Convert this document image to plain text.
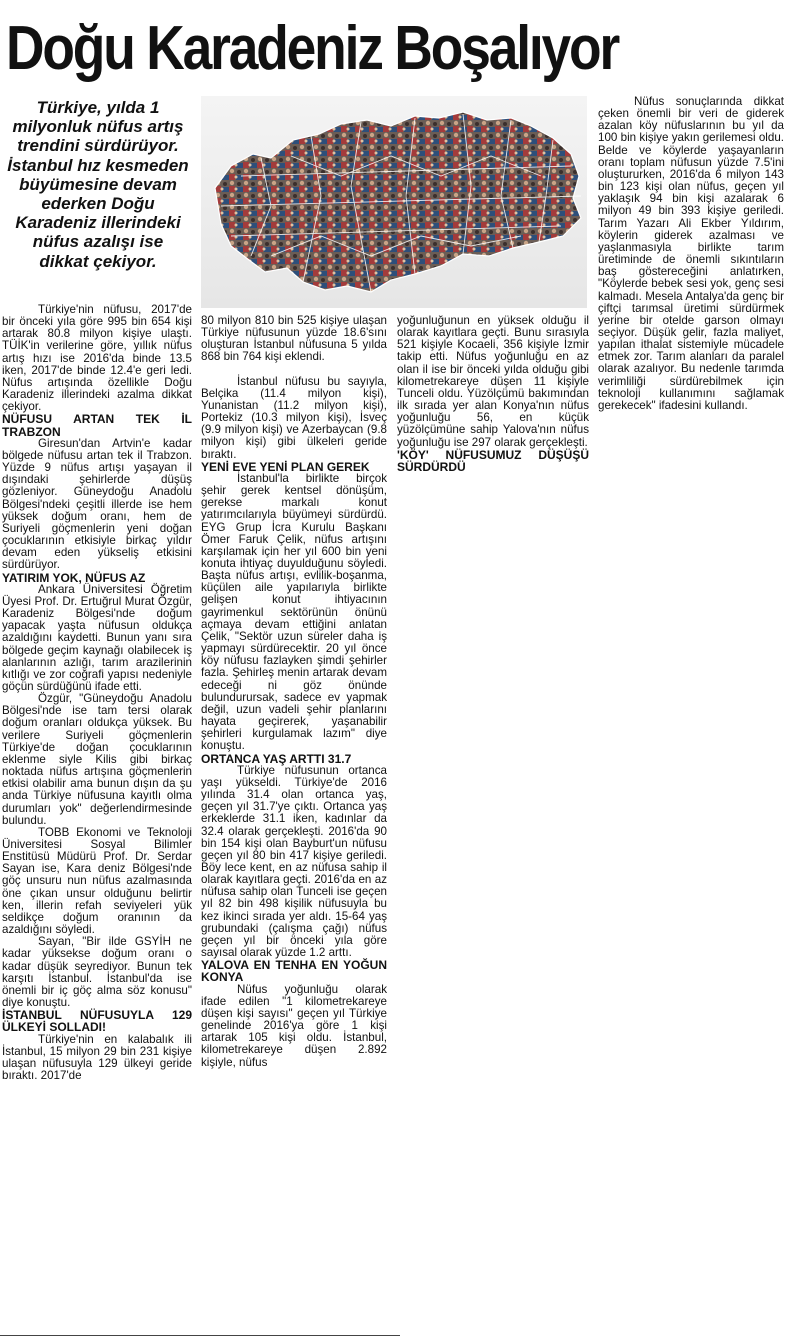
Doğu Karadeniz Boşalıyor
Türkiye, yılda 1 milyonluk nüfus artış trendini sürdürüyor. İstanbul hız kesmeden büyümesine devam ederken Doğu Karadeniz illerindeki nüfus azalışı ise dikkat çekiyor.

Türkiye'nin nüfusu, 2017'de bir önceki yıla göre 995 bin 654 kişi artarak 80.8 milyon kişiye ulaştı. TÜİK'in verilerine göre, yıllık nüfus artış hızı ise 2016'da binde 13.5 iken, 2017'de binde 12.4'e geri ledi. Nüfus artışında özellikle Doğu Karadeniz illerindeki azalma dikkat çekiyor.

NÜFUSU ARTAN TEK İL TRABZON

Giresun'dan Artvin'e kadar bölgede nüfusu artan tek il Trabzon. Yüzde 9 nüfus artışı yaşayan il dışındaki şehirlerde düşüş gözleniyor. Güneydoğu Anadolu Bölgesi'ndeki çeşitli illerde ise hem yüksek doğum oranı, hem de Suriyeli göçmenlerin yeni doğan çocuklarının etkisiyle birkaç yıldır devam eden yükseliş etkisini sürdürüyor.

YATIRIM YOK, NÜFUS AZ

Ankara Üniversitesi Öğretim Üyesi Prof. Dr. Ertuğrul Murat Özgür, Karadeniz Bölgesi'nde doğum yapacak yaşta nüfusun oldukça azaldığını kaydetti. Bunun yanı sıra bölgede geçim kaynağı olabilecek iş alanlarının azlığı, tarım arazilerinin kıtlığı ve zor coğrafi yapısı nedeniyle göçün sürdüğünü ifade etti.

Özgür, "Güneydoğu Anadolu Bölgesi'nde ise tam tersi olarak doğum oranları oldukça yüksek. Bu verilere Suriyeli göçmenlerin Türkiye'de doğan çocuklarının eklenme siyle Kilis gibi birkaç noktada nüfus artışına göçmenlerin etkisi olabilir ama bunun dışın da şu anda Türkiye nüfusuna kayıtlı olma durumları yok" değerlendirmesinde bulundu.

TOBB Ekonomi ve Teknoloji Üniversitesi Sosyal Bilimler Enstitüsü Müdürü Prof. Dr. Serdar Sayan ise, Kara deniz Bölgesi'nde göç unsuru nun nüfus azalmasında öne çıkan unsur olduğunu belirtir ken, illerin refah seviyeleri yük seldikçe doğum oranının da azaldığını söyledi.

Sayan, "Bir ilde GSYİH ne kadar yüksekse doğum oranı o kadar düşük seyrediyor. Bunun tek karşıtı İstanbul. İstanbul'da ise önemli bir iç göç alma söz konusu" diye konuştu.

İSTANBUL NÜFUSUYLA 129 ÜLKEYİ SOLLADI!

Türkiye'nin en kalabalık ili İstanbul, 15 milyon 29 bin 231 kişiye ulaşan nüfusuyla 129 ülkeyi geride bıraktı. 2017'de

80 milyon 810 bin 525 kişiye ulaşan Türkiye nüfusunun yüzde 18.6'sını oluşturan İstanbul nüfusuna 5 yılda 868 bin 764 kişi eklendi.

İstanbul nüfusu bu sayıyla, Belçika (11.4 milyon kişi), Yunanistan (11.2 milyon kişi), Portekiz (10.3 milyon kişi), İsveç (9.9 milyon kişi) ve Azerbaycan (9.8 milyon kişi) gibi ülkeleri geride bıraktı.

YENİ EVE YENİ PLAN GEREK

İstanbul'la birlikte birçok şehir gerek kentsel dönüşüm, gerekse markalı konut yatırımcılarıyla büyümeyi sürdürdü. EYG Grup İcra Kurulu Başkanı Ömer Faruk Çelik, nüfus artışını karşılamak için her yıl 600 bin yeni konuta ihtiyaç duyulduğunu söyledi. Başta nüfus artışı, evlilik-boşanma, küçülen aile yapılarıyla birlikte gelişen konut ihtiyacının gayrimenkul sektörünün önünü açmaya devam ettiğini anlatan Çelik, "Sektör uzun süreler daha iş yapmayı sürdürecektir. 20 yıl önce köy nüfusu fazlayken şimdi şehirler fazla. Şehirleş menin artarak devam edeceği ni göz önünde bulundurursak, sadece ev yapmak değil, uzun vadeli şehir planlarını hayata geçirerek, yaşanabilir şehirleri kurgulamak lazım" diye konuştu.

ORTANCA YAŞ ARTTI 31.7

Türkiye nüfusunun ortanca yaşı yükseldi. Türkiye'de 2016 yılında 31.4 olan ortanca yaş, geçen yıl 31.7'ye çıktı. Ortanca yaş erkeklerde 31.1 iken, kadınlar da 32.4 olarak gerçekleşti. 2016'da 90 bin 154 kişi olan Bayburt'un nüfusu geçen yıl 80 bin 417 kişiye geriledi. Böy lece kent, en az nüfusa sahip il olarak kayıtlara geçti. 2016'da en az nüfusa sahip olan Tunceli ise geçen yıl 82 bin 498 kişilik nüfusuyla bu kez ikinci sırada yer aldı. 15-64 yaş grubundaki (çalışma çağı) nüfus geçen yıl bir önceki yıla göre sayısal olarak yüzde 1.2 arttı.

YALOVA EN TENHA EN YOĞUN KONYA

Nüfus yoğunluğu olarak ifade edilen "1 kilometrekareye düşen kişi sayısı" geçen yıl Türkiye genelinde 2016'ya göre 1 kişi artarak 105 kişi oldu. İstanbul, kilometrekareye düşen 2.892 kişiyle, nüfus

yoğunluğunun en yüksek olduğu il olarak kayıtlara geçti. Bunu sırasıyla 521 kişiyle Kocaeli, 356 kişiyle İzmir takip etti. Nüfus yoğunluğu en az olan il ise bir önceki yılda olduğu gibi kilometrekareye düşen 11 kişiyle Tunceli oldu. Yüzölçümü bakımından ilk sırada yer alan Konya'nın nüfus yoğunluğu 56, en küçük yüzölçümüne sahip Yalova'nın nüfus yoğunluğu ise 297 olarak gerçekleşti.

'KÖY' NÜFUSUMUZ DÜŞÜŞÜ SÜRDÜRDÜ

Nüfus sonuçlarında dikkat çeken önemli bir veri de giderek azalan köy nüfuslarının bu yıl da 100 bin kişiye yakın gerilemesi oldu. Belde ve köylerde yaşayanların oranı toplam nüfusun yüzde 7.5'ini oluştururken, 2016'da 6 milyon 143 bin 123 kişi olan nüfus, geçen yıl yaklaşık 94 bin kişi azalarak 6 milyon 49 bin 393 kişiye geriledi. Tarım Yazarı Ali Ekber Yıldırım, köylerin giderek azalması ve yaşlanmasıyla birlikte tarım üretiminde de önemli sıkıntıların baş göstereceğini anlatırken, "Köylerde bebek sesi yok, genç sesi kalmadı. Mesela Antalya'da genç bir çiftçi tarımsal üretimi sürdürmek yerine bir otelde garson olmayı seçiyor. Düşük gelir, fazla maliyet, yapılan ithalat sistemiyle mücadele etmek zor. Tarım alanları da paralel olarak azalıyor. Bu nedenle tarımda verimliliği sürdürebilmek için teknoloji kullanımını sağlamak gerekecek" ifadesini kullandı.
